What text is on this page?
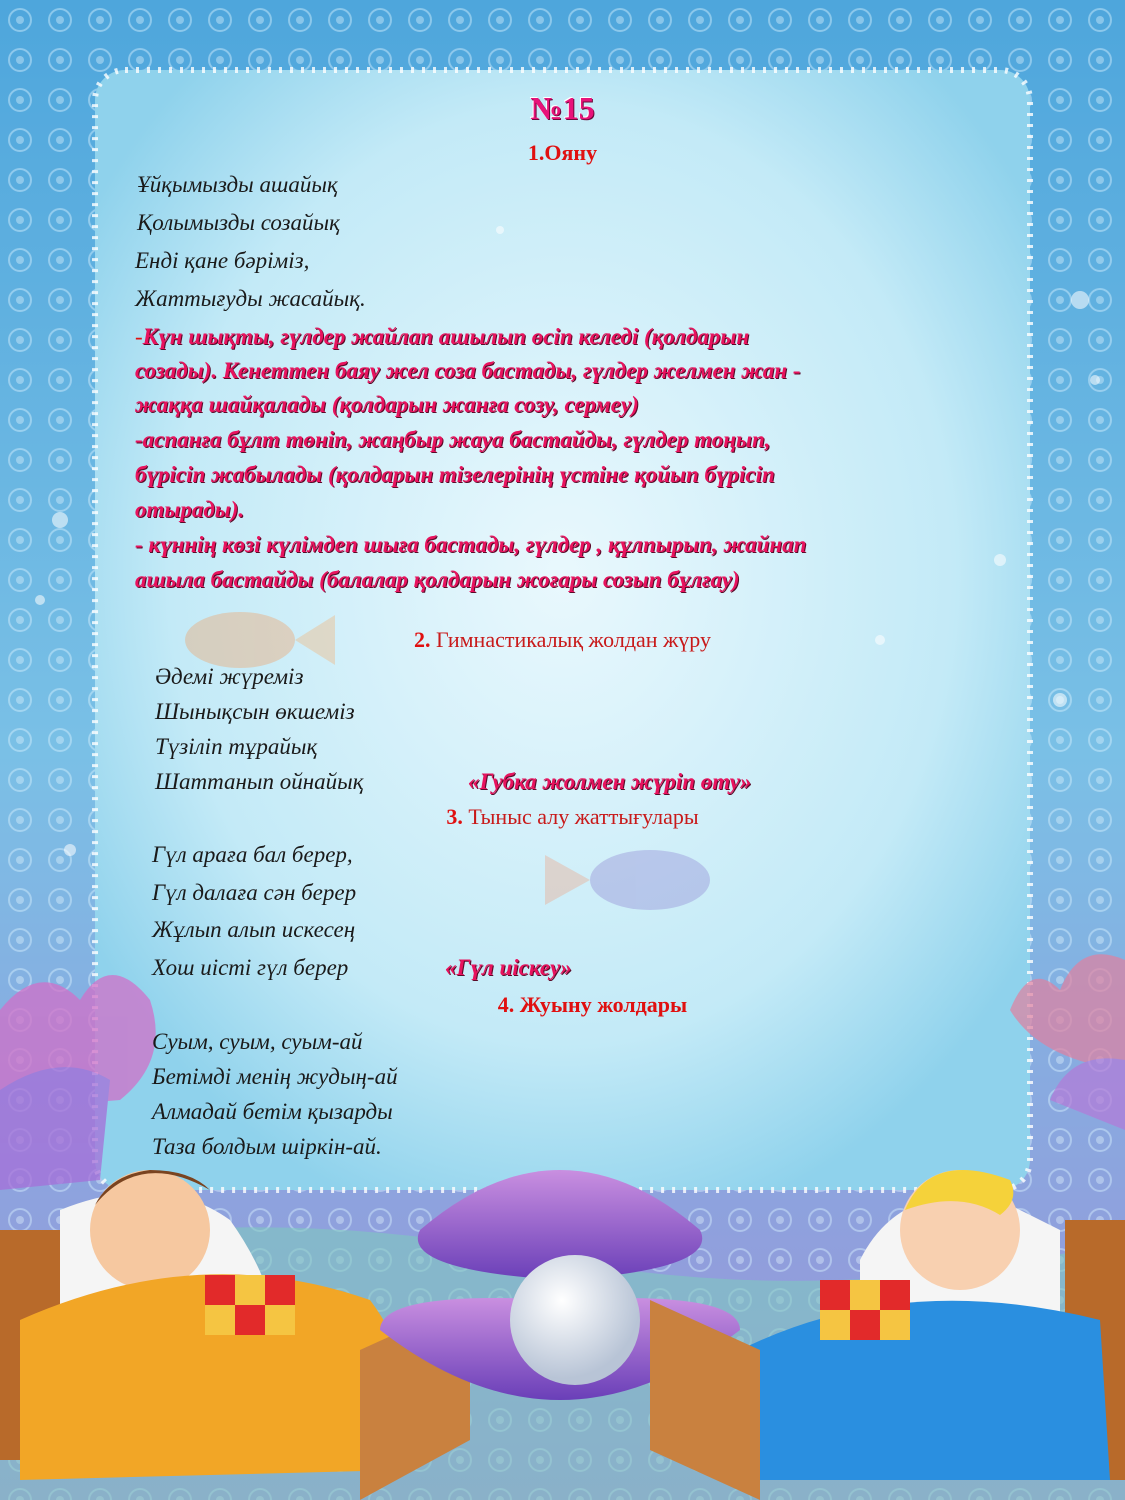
№15
1.Ояну
Ұйқымызды ашайық
Қолымызды созайық
Енді қане бәріміз,
Жаттығуды жасайық.
-Күн шықты, гүлдер жайлап ашылып өсіп келеді (қолдарын
созады). Кенеттен баяу жел соза бастады, гүлдер желмен жан -
жаққа шайқалады (қолдарын жанға созу, сермеу)
-аспанға бұлт төніп, жаңбыр жауа бастайды, гүлдер тоңып,
бүрісіп жабылады (қолдарын тізелерінің үстіне қойып бүрісіп
отырады).
- күннің көзі күлімдеп шыға бастады, гүлдер , құлпырып, жайнап
ашыла бастайды (балалар қолдарын жоғары созып бұлғау)
2. Гимнастикалық жолдан жүру
Әдемі жүреміз
Шынықсын өкшеміз
Түзіліп тұрайық
Шаттанып ойнайық	«Губка жолмен жүріп өту»
3. Тыныс алу жаттығулары
Гүл араға бал берер,
Гүл далаға сән берер
Жұлып алып искесең
Хош иісті гүл берер	«Гүл иіскеу»
4. Жуыну жолдары
Суым, суым, суым-ай
Бетімді менің жудың-ай
Алмадай бетім қызарды
Таза болдым шіркін-ай.
